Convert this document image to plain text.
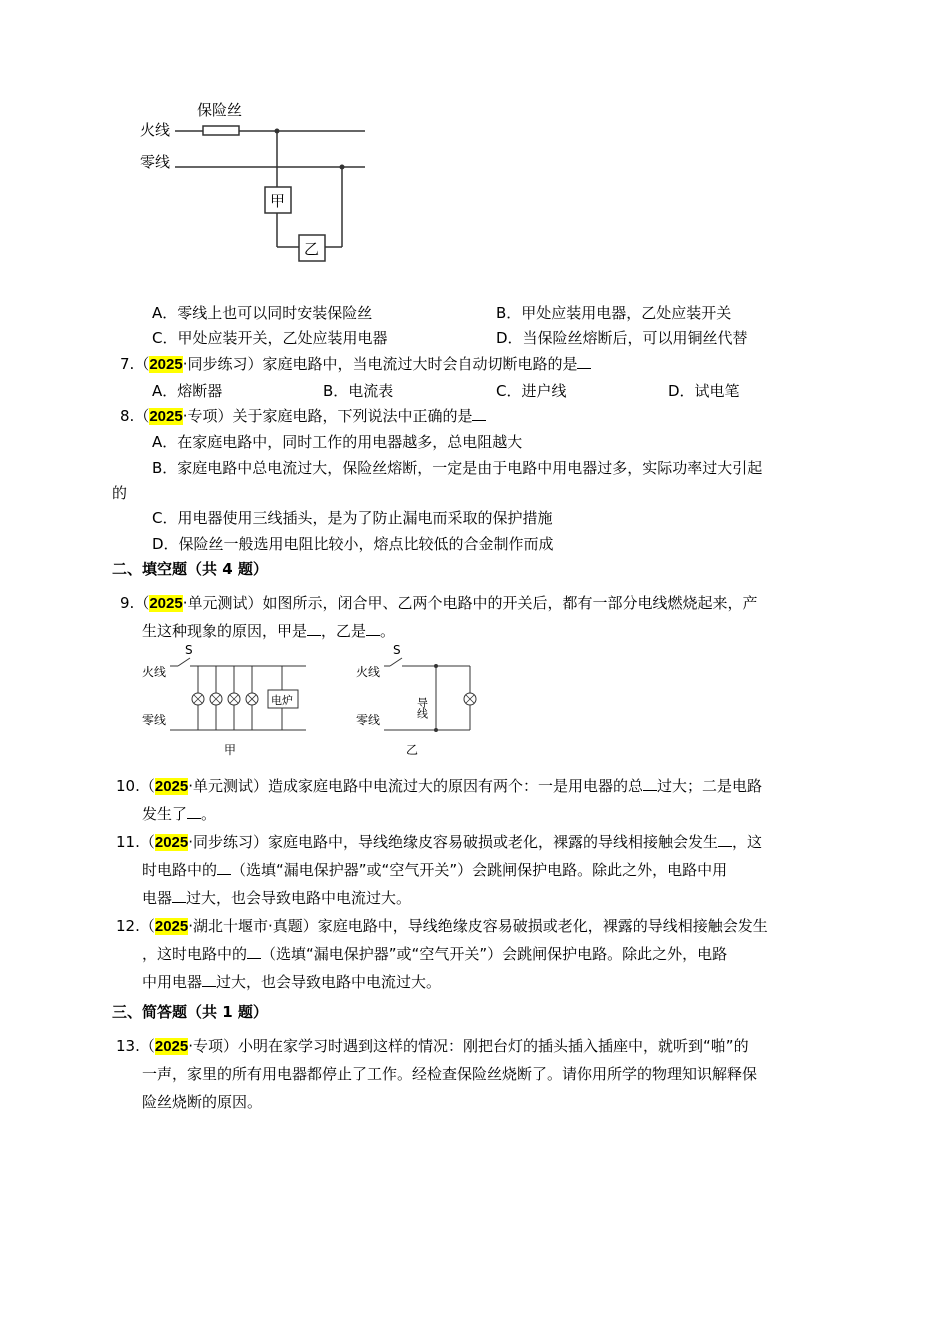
保险丝
火线
零线
甲
乙
A．零线上也可以同时安装保险丝	B．甲处应装用电器，乙处应装开关
C．甲处应装开关，乙处应装用电器	D．当保险丝熔断后，可以用铜丝代替
7.（2025·同步练习）家庭电路中，当电流过大时会自动切断电路的是
A．熔断器	B．电流表	C．进户线	D．试电笔
8.（2025·专项）关于家庭电路，下列说法中正确的是
A．在家庭电路中，同时工作的用电器越多，总电阻越大
B．家庭电路中总电流过大，保险丝熔断，一定是由于电路中用电器过多，实际功率过大引起
的
C．用电器使用三线插头，是为了防止漏电而采取的保护措施
D．保险丝一般选用电阻比较小，熔点比较低的合金制作而成
二、填空题（共 4 题）
9.（2025·单元测试）如图所示，闭合甲、乙两个电路中的开关后，都有一部分电线燃烧起来，产
生这种现象的原因，甲是 ，乙是 。
S
火线
零线
电炉
甲
S
火线
零线
导线
乙
10.（2025·单元测试）造成家庭电路中电流过大的原因有两个：一是用电器的总 过大；二是电路
发生了 。
11.（2025·同步练习）家庭电路中，导线绝缘皮容易破损或老化，裸露的导线相接触会发生 ，这
时电路中的 （选填“漏电保护器”或“空气开关”）会跳闸保护电路。除此之外，电路中用
电器 过大，也会导致电路中电流过大。
12.（2025·湖北十堰市·真题）家庭电路中，导线绝缘皮容易破损或老化，裸露的导线相接触会发生
，这时电路中的 （选填“漏电保护器”或“空气开关”）会跳闸保护电路。除此之外，电路
中用电器 过大，也会导致电路中电流过大。
三、简答题（共 1 题）
13.（2025·专项）小明在家学习时遇到这样的情况：刚把台灯的插头插入插座中，就听到“啪”的
一声，家里的所有用电器都停止了工作。经检查保险丝烧断了。请你用所学的物理知识解释保
险丝烧断的原因。
